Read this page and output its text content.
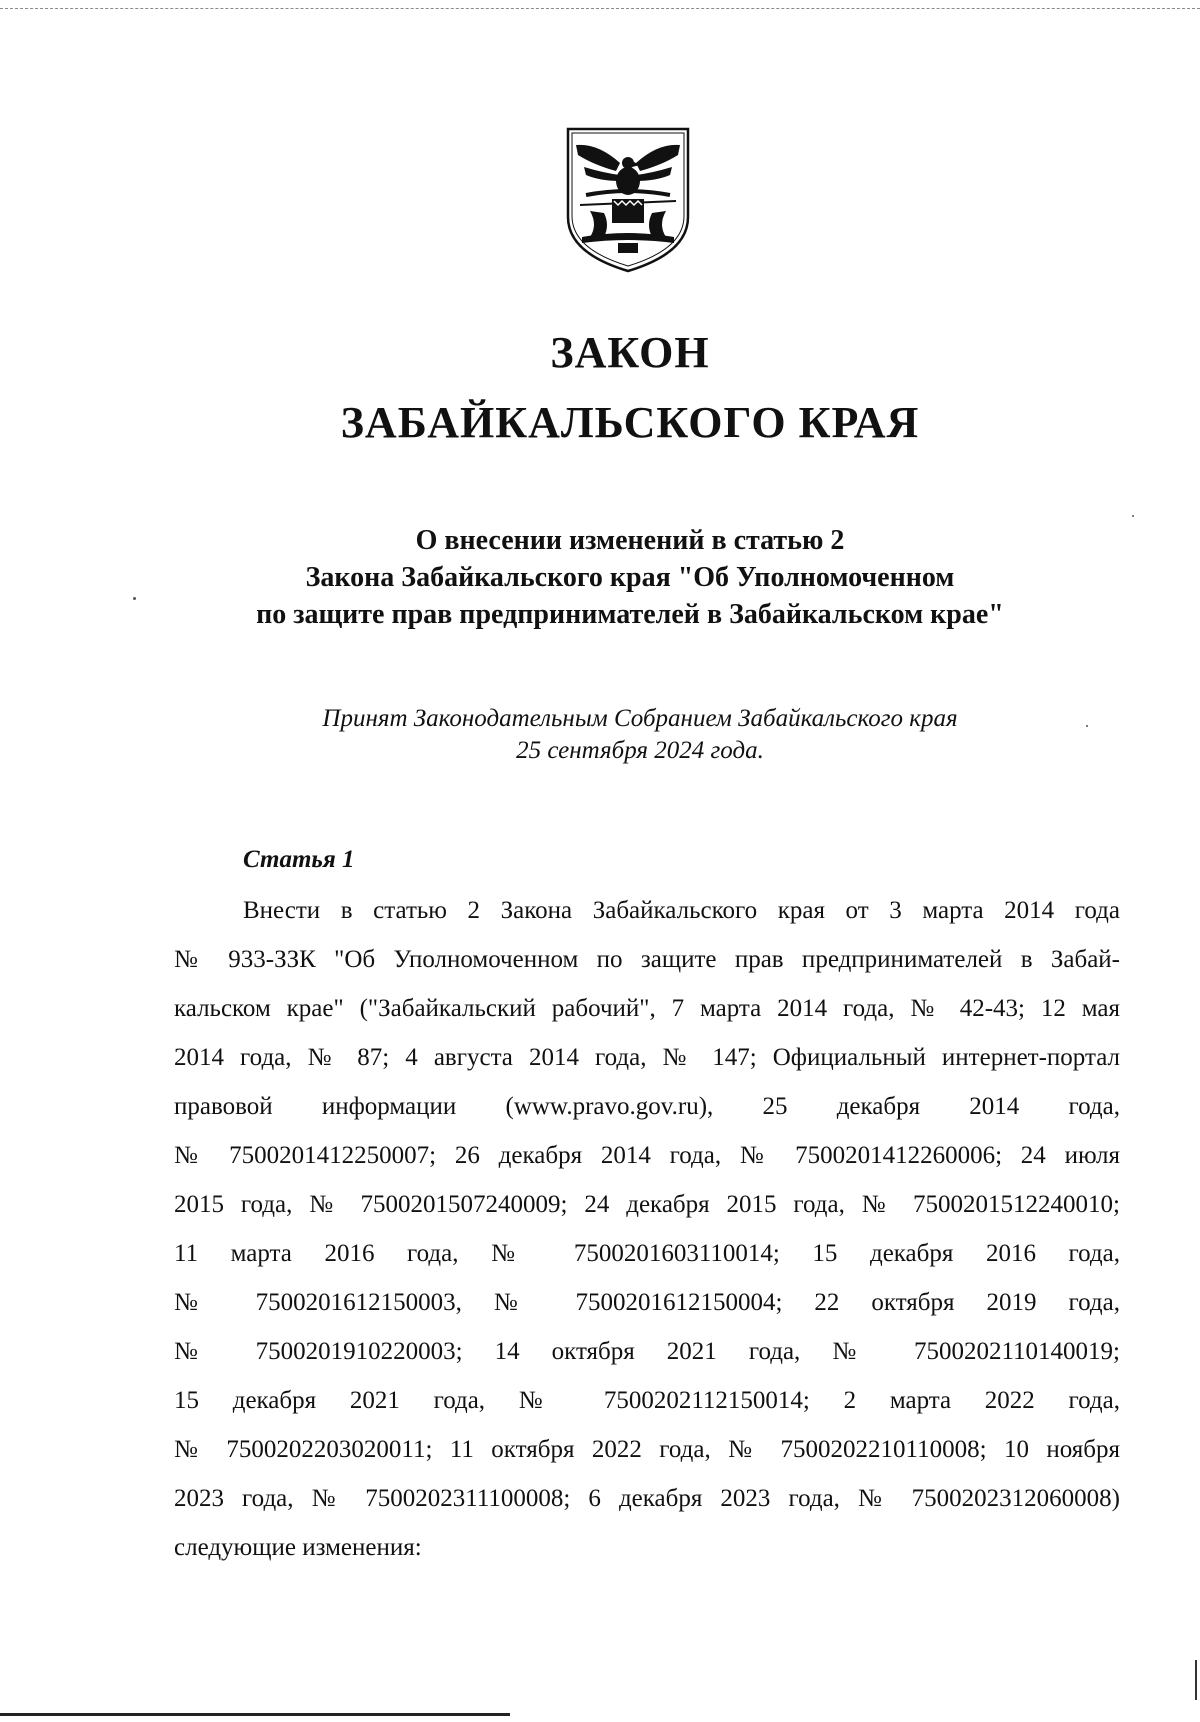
ЗАКОН
ЗАБАЙКАЛЬСКОГО КРАЯ
О внесении изменений в статью 2
Закона Забайкальского края "Об Уполномоченном
по защите прав предпринимателей в Забайкальском крае"
Принят Законодательным Собранием Забайкальского края
25 сентября 2024 года.
Статья 1
Внести в статью 2 Закона Забайкальского края от 3 марта 2014 года
№ 933-ЗЗК "Об Уполномоченном по защите прав предпринимателей в Забай-
кальском крае" ("Забайкальский рабочий", 7 марта 2014 года, № 42-43; 12 мая
2014 года, № 87; 4 августа 2014 года, № 147; Официальный интернет-портал
правовой информации (www.pravo.gov.ru), 25 декабря 2014 года,
№ 7500201412250007; 26 декабря 2014 года, № 7500201412260006; 24 июля
2015 года, № 7500201507240009; 24 декабря 2015 года, № 7500201512240010;
11 марта 2016 года, № 7500201603110014; 15 декабря 2016 года,
№ 7500201612150003, № 7500201612150004; 22 октября 2019 года,
№ 7500201910220003; 14 октября 2021 года, № 7500202110140019;
15 декабря 2021 года, № 7500202112150014; 2 марта 2022 года,
№ 7500202203020011; 11 октября 2022 года, № 7500202210110008; 10 ноября
2023 года, № 7500202311100008; 6 декабря 2023 года, № 7500202312060008)
следующие изменения:
